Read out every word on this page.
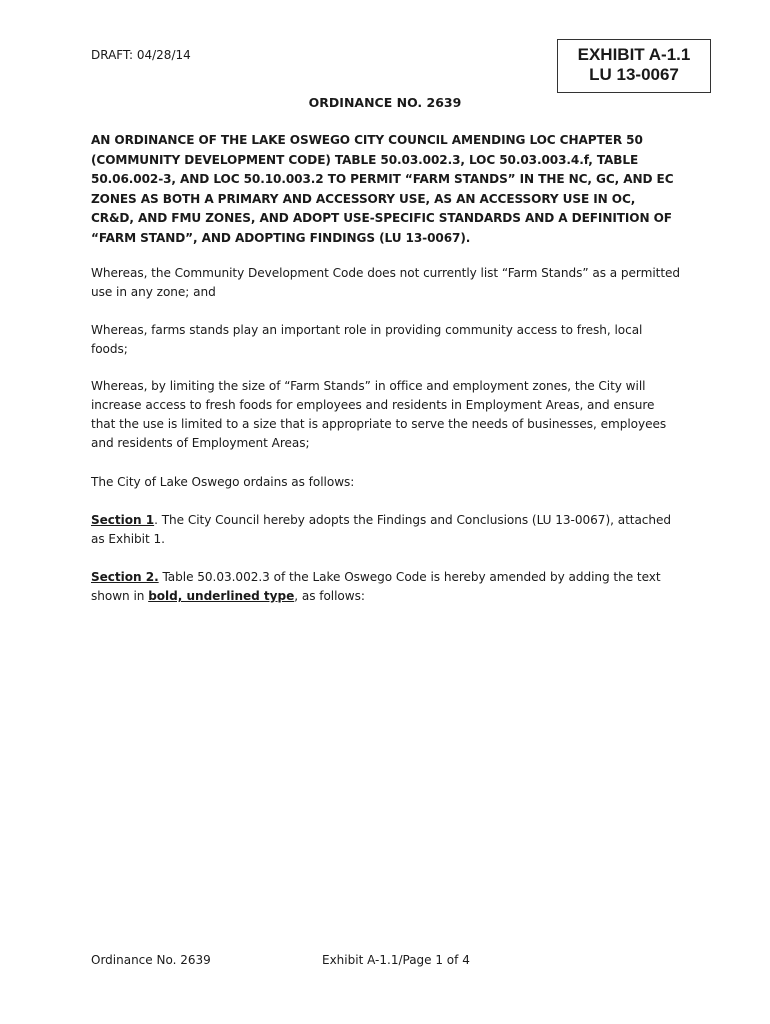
DRAFT: 04/28/14	EXHIBIT A-1.1
LU 13-0067
ORDINANCE NO. 2639
AN ORDINANCE OF THE LAKE OSWEGO CITY COUNCIL AMENDING LOC CHAPTER 50 (COMMUNITY DEVELOPMENT CODE) TABLE 50.03.002.3, LOC 50.03.003.4.f, TABLE 50.06.002-3, AND LOC 50.10.003.2 TO PERMIT “FARM STANDS” IN THE NC, GC, AND EC ZONES AS BOTH A PRIMARY AND ACCESSORY USE, AS AN ACCESSORY USE IN OC, CR&D, AND FMU ZONES, AND ADOPT USE-SPECIFIC STANDARDS AND A DEFINITION OF “FARM STAND”, AND ADOPTING FINDINGS (LU 13-0067).
Whereas, the Community Development Code does not currently list “Farm Stands” as a permitted use in any zone; and
Whereas, farms stands play an important role in providing community access to fresh, local foods;
Whereas, by limiting the size of “Farm Stands” in office and employment zones, the City will increase access to fresh foods for employees and residents in Employment Areas, and ensure that the use is limited to a size that is appropriate to serve the needs of businesses, employees and residents of Employment Areas;
The City of Lake Oswego ordains as follows:
Section 1. The City Council hereby adopts the Findings and Conclusions (LU 13-0067), attached as Exhibit 1.
Section 2. Table 50.03.002.3 of the Lake Oswego Code is hereby amended by adding the text shown in bold, underlined type, as follows:
Ordinance No. 2639	Exhibit A-1.1/Page 1 of 4
